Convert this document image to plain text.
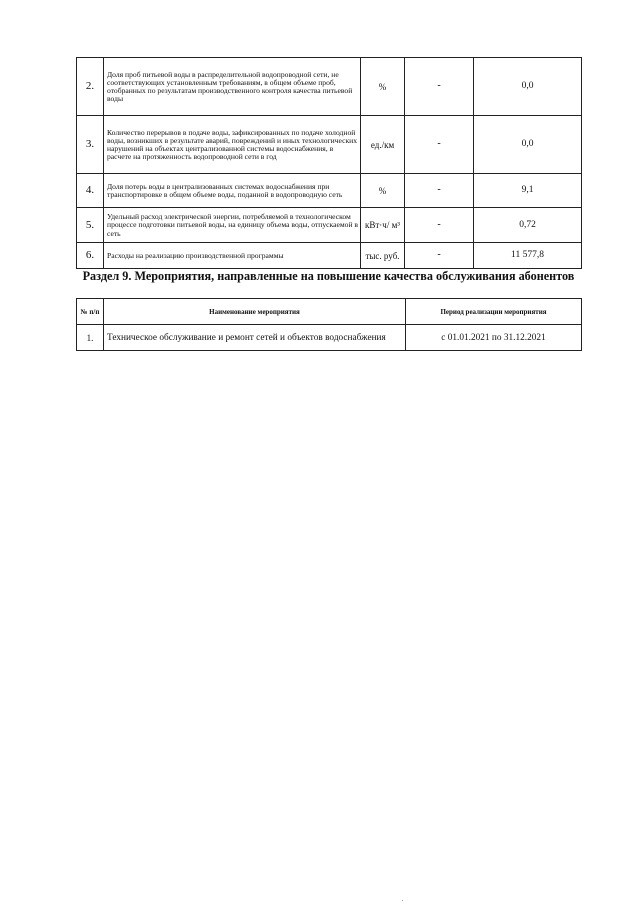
2.	Доля проб питьевой воды в распределительной водопроводной сети, не соответствующих установленным требованиям, в общем объеме проб, отобранных по результатам производственного контроля качества питьевой воды	%	-	0,0
3.	Количество перерывов в подаче воды, зафиксированных по подаче холодной воды, возникших в результате аварий, повреждений и иных технологических нарушений на объектах централизованной системы водоснабжения, в расчете на протяженность водопроводной сети в год	ед./км	-	0,0
4.	Доля потерь воды в централизованных системах водоснабжения при транспортировке в общем объеме воды, поданной в водопроводную сеть	%	-	9,1
5.	Удельный расход электрической энергии, потребляемой в технологическом процессе подготовки питьевой воды, на единицу объема воды, отпускаемой в сеть	кВт·ч/ м³	-	0,72
6.	Расходы на реализацию производственной программы	тыс. руб.	-	11 577,8
Раздел 9. Мероприятия, направленные на повышение качества обслуживания абонентов
№ п/п	Наименование мероприятия	Период реализации мероприятия
1.	Техническое обслуживание и ремонт сетей и объектов водоснабжения	с 01.01.2021 по 31.12.2021
